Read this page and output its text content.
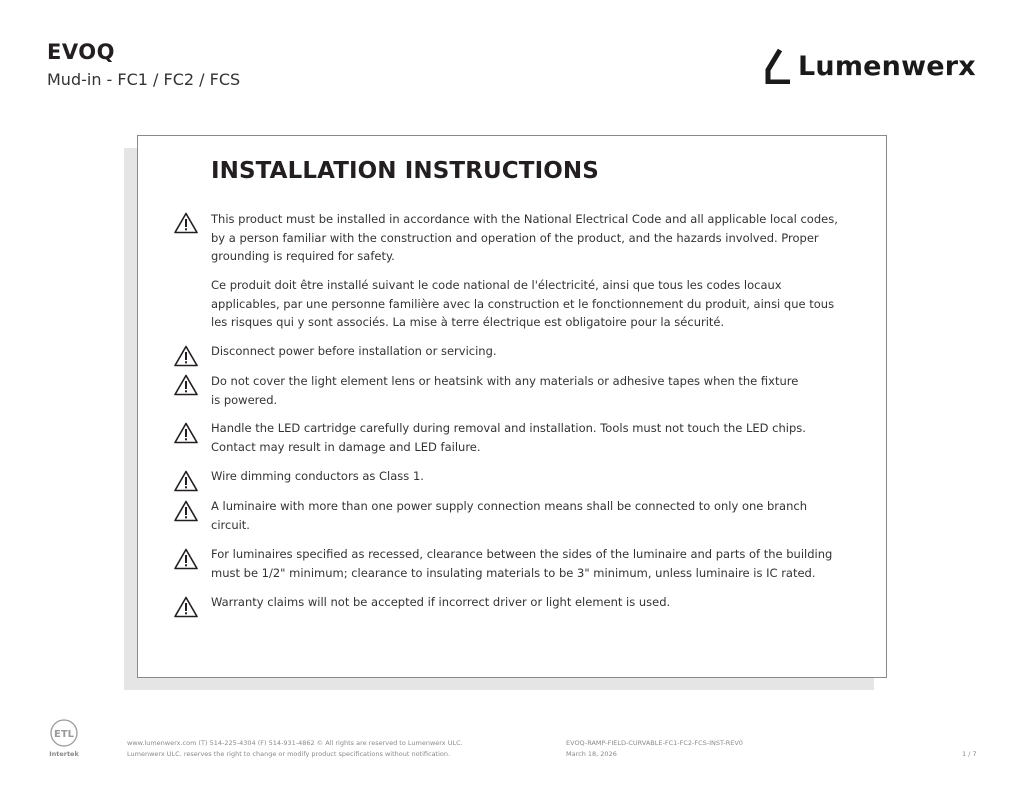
EVOQ
Mud-in - FC1 / FC2 / FCS	Lumenwerx
INSTALLATION INSTRUCTIONS
This product must be installed in accordance with the National Electrical Code and all applicable local codes, by a person familiar with the construction and operation of the product, and the hazards involved. Proper grounding is required for safety.
Ce produit doit être installé suivant le code national de l'électricité, ainsi que tous les codes locaux applicables, par une personne familière avec la construction et le fonctionnement du produit, ainsi que tous les risques qui y sont associés. La mise à terre électrique est obligatoire pour la sécurité.
Disconnect power before installation or servicing.
Do not cover the light element lens or heatsink with any materials or adhesive tapes when the fixture is powered.
Handle the LED cartridge carefully during removal and installation. Tools must not touch the LED chips. Contact may result in damage and LED failure.
Wire dimming conductors as Class 1.
A luminaire with more than one power supply connection means shall be connected to only one branch circuit.
For luminaires specified as recessed, clearance between the sides of the luminaire and parts of the building must be 1/2" minimum; clearance to insulating materials to be 3" minimum, unless luminaire is IC rated.
Warranty claims will not be accepted if incorrect driver or light element is used.
ETL
Intertek
www.lumenwerx.com (T) 514-225-4304 (F) 514-931-4862 © All rights are reserved to Lumenwerx ULC.
Lumenwerx ULC. reserves the right to change or modify product specifications without notification.
EVOQ-RAMP-FIELD-CURVABLE-FC1-FC2-FCS-INST-REV0
March 18, 2026	1 / 7
